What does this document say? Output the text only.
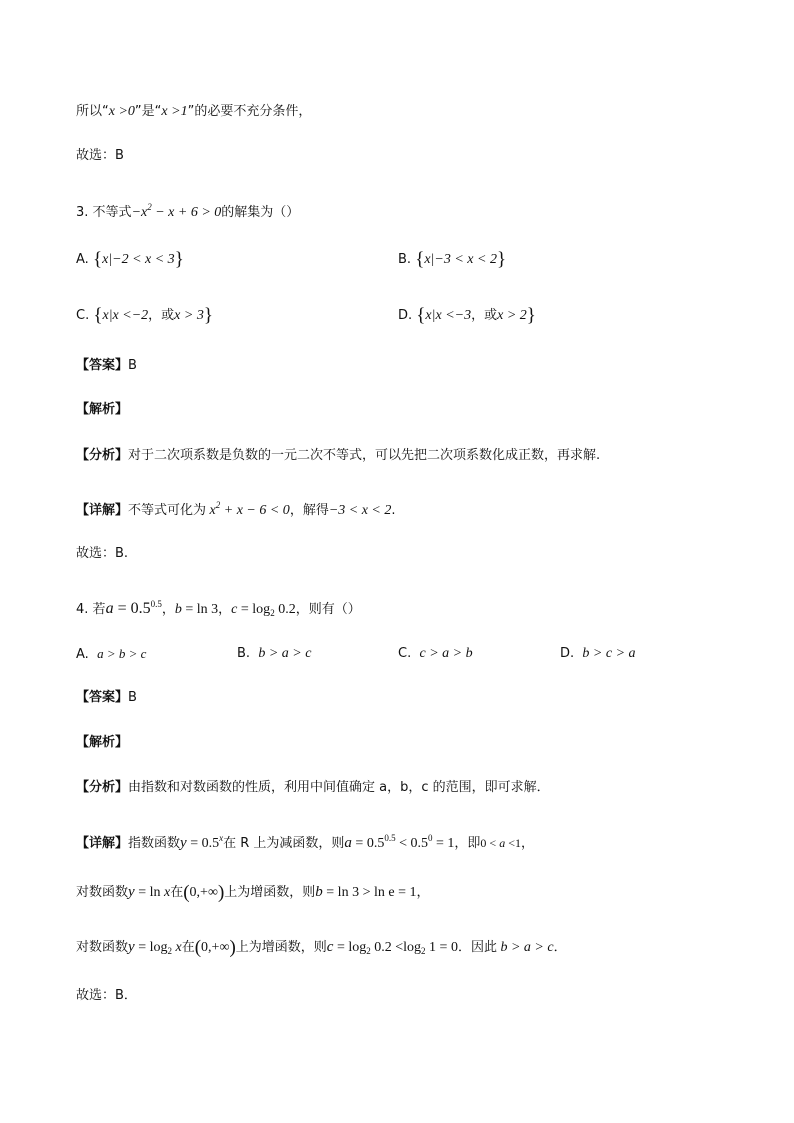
所以“x >0”是“x >1”的必要不充分条件，
故选：B
3. 不等式$-x^2 - x + 6 > 0$的解集为（）
A. {x|−2 < x < 3}	B. {x|−3 < x < 2}
C. {x|x <−2，或x > 3}	D. {x|x <−3，或x > 2}
【答案】B
【解析】
【分析】对于二次项系数是负数的一元二次不等式，可以先把二次项系数化成正数，再求解.
【详解】不等式可化为 $x^2 + x - 6 < 0$，解得−3 < x < 2.
故选：B.
4. 若$a = 0.5^{0.5}$，b = ln 3，$c = \log_2 0.2$，则有（）
A. a > b > c	B. b > a > c	C. c > a > b	D. b > c > a
【答案】B
【解析】
【分析】由指数和对数函数的性质，利用中间值确定 a，b，c 的范围，即可求解．
【详解】指数函数$y = 0.5^x$在 R 上为减函数，则$a = 0.5^{0.5} < 0.5^0 = 1$，即0 < a <1，
对数函数y = ln x在(0,+∞)上为增函数，则b = ln 3 > ln e = 1，
对数函数$y = \log_2 x$在(0,+∞)上为增函数，则$c = \log_2 0.2 <\log_2$ 1 = 0．因此 b > a > c．
故选：B．
